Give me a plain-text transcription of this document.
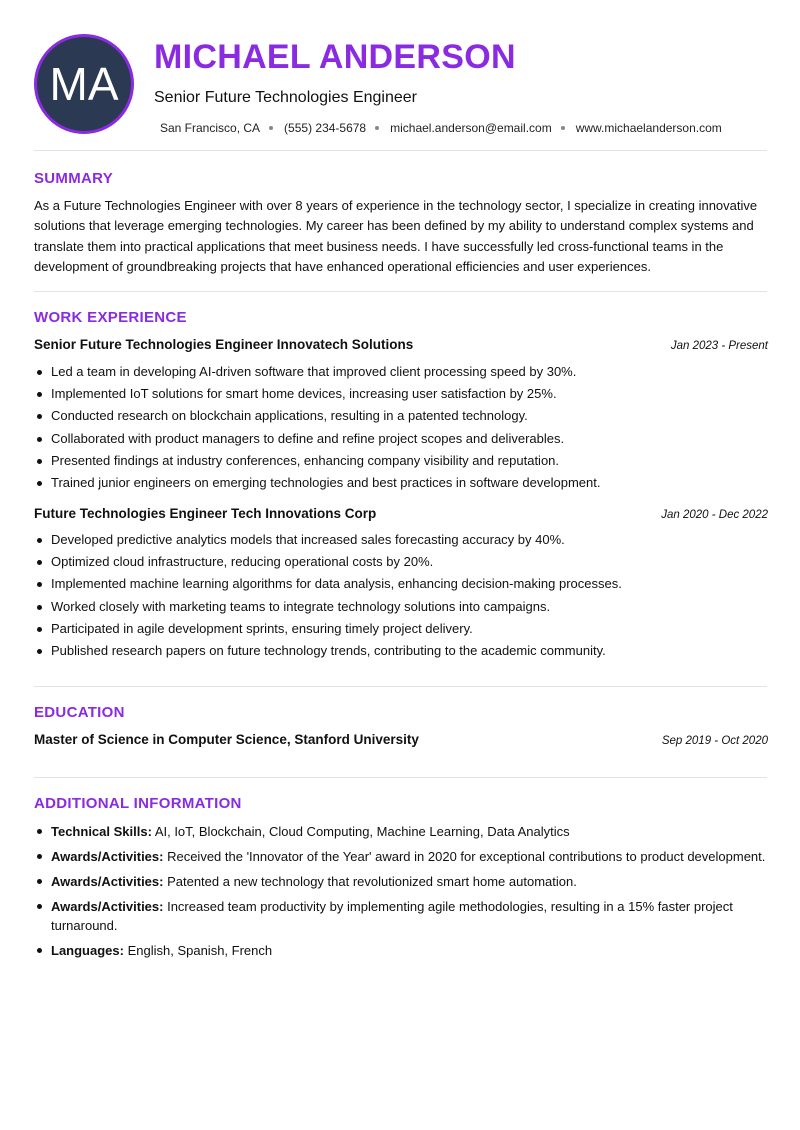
MA
MICHAEL ANDERSON

Senior Future Technologies Engineer

San Francisco, CA (555) 234-5678 michael.anderson@email.com www.michaelanderson.com
SUMMARY

As a Future Technologies Engineer with over 8 years of experience in the technology sector, I specialize in creating innovative solutions that leverage emerging technologies. My career has been defined by my ability to understand complex systems and translate them into practical applications that meet business needs. I have successfully led cross-functional teams in the development of groundbreaking projects that have enhanced operational efficiencies and user experiences.

WORK EXPERIENCE
Senior Future Technologies Engineer Innovatech Solutions	Jan 2023 - Present
Led a team in developing AI-driven software that improved client processing speed by 30%.
Implemented IoT solutions for smart home devices, increasing user satisfaction by 25%.
Conducted research on blockchain applications, resulting in a patented technology.
Collaborated with product managers to define and refine project scopes and deliverables.
Presented findings at industry conferences, enhancing company visibility and reputation.
Trained junior engineers on emerging technologies and best practices in software development.
Future Technologies Engineer Tech Innovations Corp	Jan 2020 - Dec 2022
Developed predictive analytics models that increased sales forecasting accuracy by 40%.
Optimized cloud infrastructure, reducing operational costs by 20%.
Implemented machine learning algorithms for data analysis, enhancing decision-making processes.
Worked closely with marketing teams to integrate technology solutions into campaigns.
Participated in agile development sprints, ensuring timely project delivery.
Published research papers on future technology trends, contributing to the academic community.
EDUCATION
Master of Science in Computer Science, Stanford University	Sep 2019 - Oct 2020
ADDITIONAL INFORMATION
Technical Skills: AI, IoT, Blockchain, Cloud Computing, Machine Learning, Data Analytics
Awards/Activities: Received the 'Innovator of the Year' award in 2020 for exceptional contributions to product development.
Awards/Activities: Patented a new technology that revolutionized smart home automation.
Awards/Activities: Increased team productivity by implementing agile methodologies, resulting in a 15% faster project turnaround.
Languages: English, Spanish, French
